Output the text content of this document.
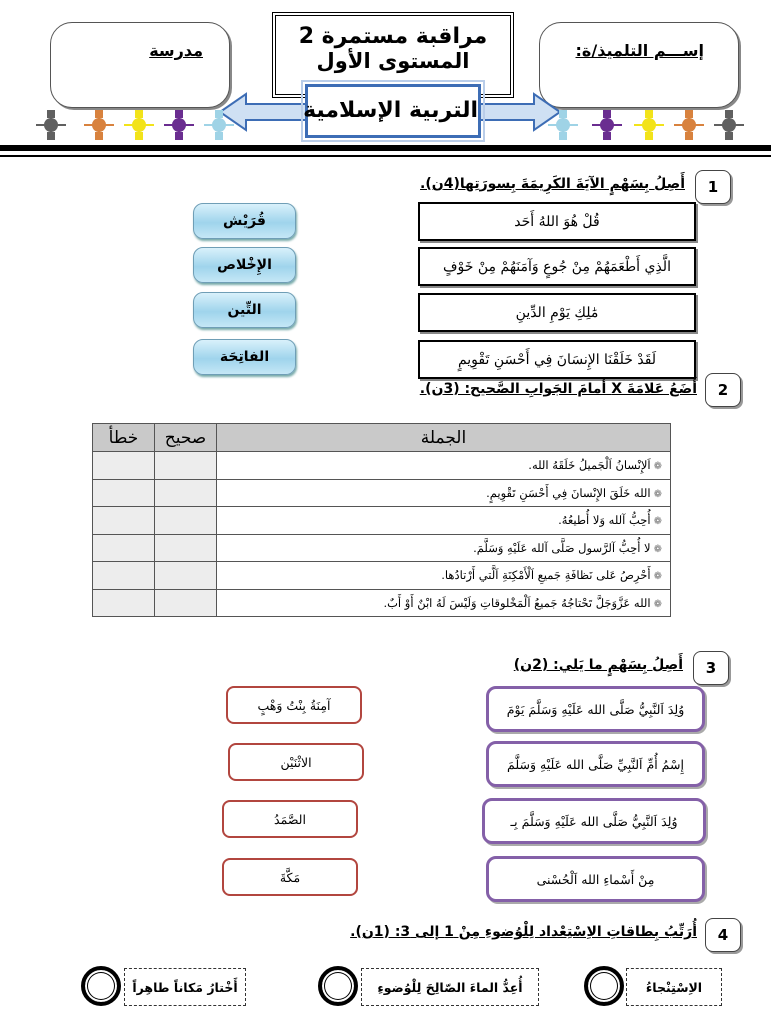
إســـم التلميذ/ة:
مدرسة
مراقبة مستمرة 2
المستوى الأول
التربية الإسلامية
1
أَصِلُ بِسَهْمٍ الآيَةَ الكَرِيمَةَ بِسورَتِها(4ن).
قُلْ هُوَ اللهُ أَحَد
الَّذِي أَطْعَمَهُمْ مِنْ جُوعٍ وَآمَنَهُمْ مِنْ خَوْفٍ
مَٰلِكِ يَوْمِ الدِّينِ
لَقَدْ خَلَقْنَا الإِنسَانَ فِي أَحْسَنِ تَقْوِيمٍ
قُرَيْش
الإِخْلاص
التِّين
الفاتِحَة
2
أَضَعُ عَلامَةَ X أمامَ الجَوابِ الصَّحيح: (3ن).
الجملة	صحيح	خطأ
❁اَلإِنْسانُ اَلْجَميلُ خَلَقَهُ الله.		
❁الله خَلَقَ الإِنْسانَ فِي أَحْسَنِ تَقْوِيمٍ.		
❁أُحِبُّ آلله وَلا أُطيعُهُ.		
❁لا أُحِبُّ آلرَّسول صَلَّى آلله عَلَيْهِ وَسَلَّمَ.		
❁أَحْرِصُ عَلى نَظافَةِ جَميعِ اَلْأَمْكِنَةِ اَلَّتي أَرْتادُها.		
❁الله عَزَّوَجَلَّ تَحْتاجُهُ جَميعُ اَلْمَخْلوقاتِ وَلَيْسَ لَهُ ابْنٌ أَوْ أَبٌ.		
3
أَصِلُ بِسَهْمٍ ما يَلي: (2ن)
وُلِدَ اَلنَّبِيُّ صَلَّى الله عَلَيْهِ وَسَلَّمَ يَوْمَ
إِسْمُ أُمِّ اَلنَّبِيِّ صَلَّى الله عَلَيْهِ وَسَلَّمَ
وُلِدَ اَلنَّبِيُّ صَلَّى الله عَلَيْهِ وَسَلَّمَ بِـ
مِنْ أَسْماءِ الله اَلْحُسْنى
آمِنَةُ بِنْتُ وَهْبٍ
الاثْنَيْن
الصَّمَدُ
مَكَّةَ
4
أُرَتِّبُ بِطاقاتِ الاِسْتِعْداد لِلْوُضوءِ مِنْ 1 إلى 3: (1ن).
الاِسْتِنْجاءُ
أُعِدُّ الماءَ الصّالِحَ لِلْوُضوءِ
أَخْتارُ مَكاناً طاهِراً
